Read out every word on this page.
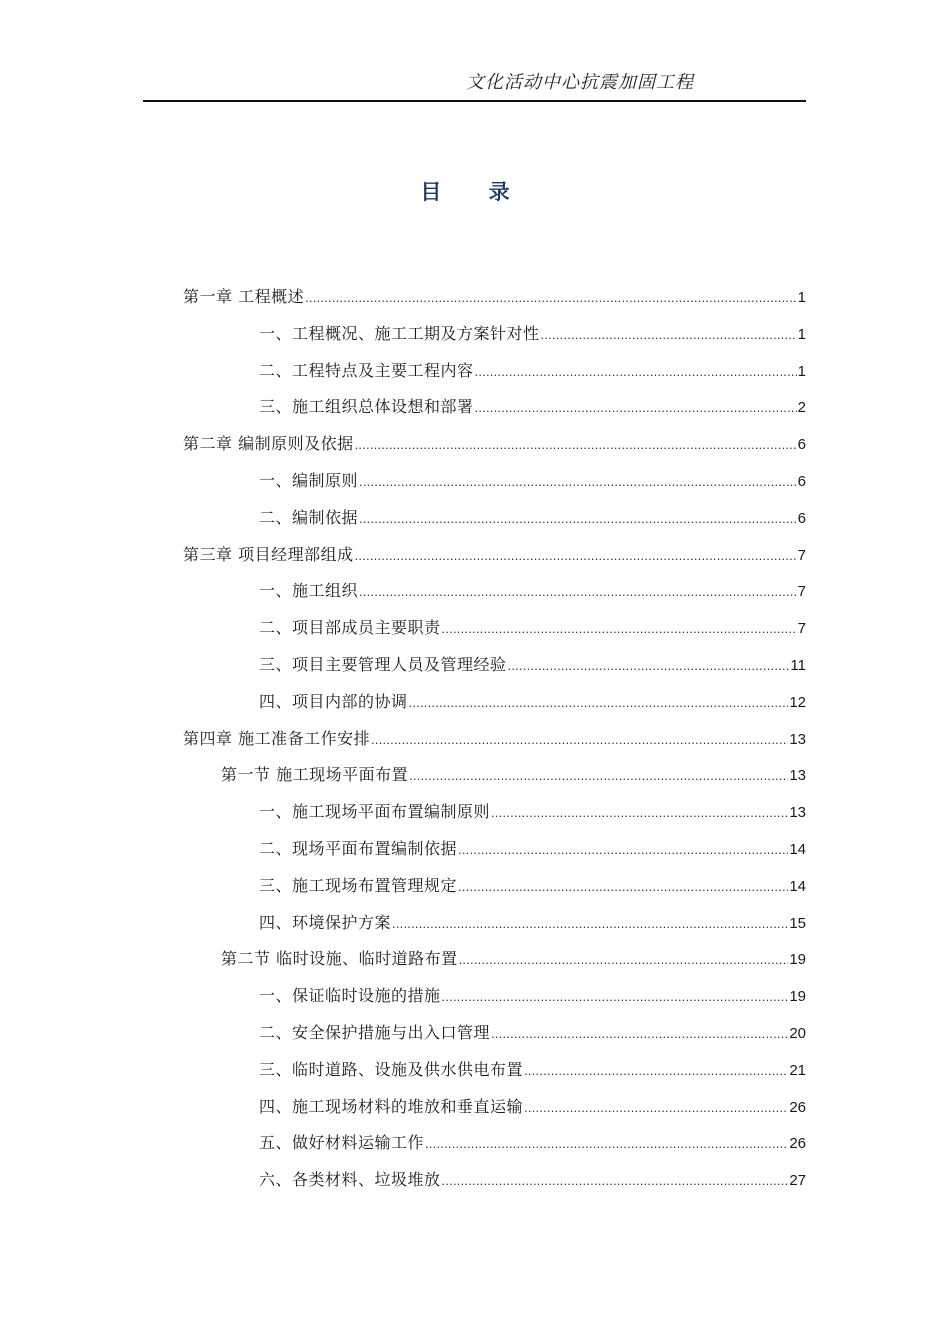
文化活动中心抗震加固工程
目 录
第一章 工程概述 .....	1
一、工程概况、施工工期及方案针对性 .....	1
二、工程特点及主要工程内容 .....	1
三、施工组织总体设想和部署 .....	2
第二章 编制原则及依据 .....	6
一、编制原则 .....	6
二、编制依据 .....	6
第三章 项目经理部组成 .....	7
一、施工组织 .....	7
二、项目部成员主要职责 .....	7
三、项目主要管理人员及管理经验 .....	11
四、项目内部的协调 .....	12
第四章 施工准备工作安排 .....	13
第一节 施工现场平面布置 .....	13
一、施工现场平面布置编制原则 .....	13
二、现场平面布置编制依据 .....	14
三、施工现场布置管理规定 .....	14
四、环境保护方案 .....	15
第二节 临时设施、临时道路布置 .....	19
一、保证临时设施的措施 .....	19
二、安全保护措施与出入口管理 .....	20
三、临时道路、设施及供水供电布置 .....	21
四、施工现场材料的堆放和垂直运输 .....	26
五、做好材料运输工作 .....	26
六、各类材料、垃圾堆放 .....	27
